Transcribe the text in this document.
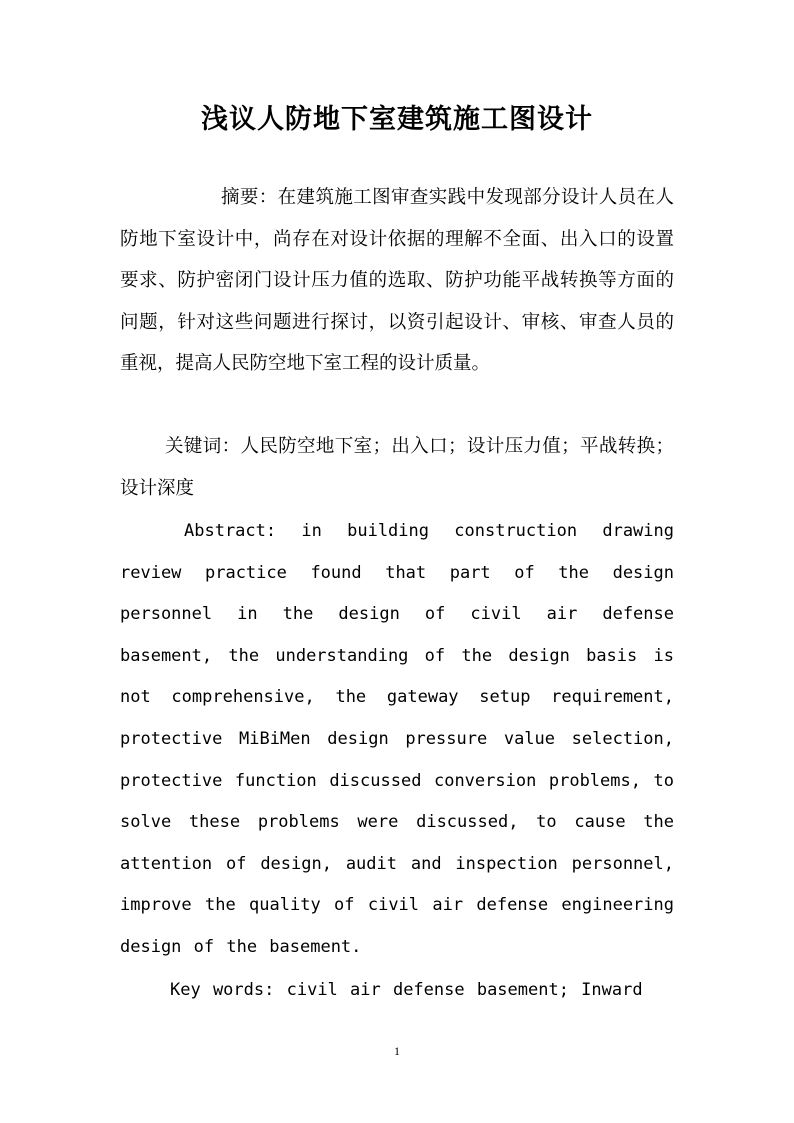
浅议人防地下室建筑施工图设计
摘要：在建筑施工图审查实践中发现部分设计人员在人防地下室设计中，尚存在对设计依据的理解不全面、出入口的设置要求、防护密闭门设计压力值的选取、防护功能平战转换等方面的问题，针对这些问题进行探讨，以资引起设计、审核、审查人员的重视，提高人民防空地下室工程的设计质量。
关键词：人民防空地下室；出入口；设计压力值；平战转换；设计深度
Abstract: in building construction drawing review practice found that part of the design personnel in the design of civil air defense basement, the understanding of the design basis is not comprehensive, the gateway setup requirement, protective MiBiMen design pressure value selection, protective function discussed conversion problems, to solve these problems were discussed, to cause the attention of design, audit and inspection personnel, improve the quality of civil air defense engineering design of the basement.
Key words: civil air defense basement; Inward
1
